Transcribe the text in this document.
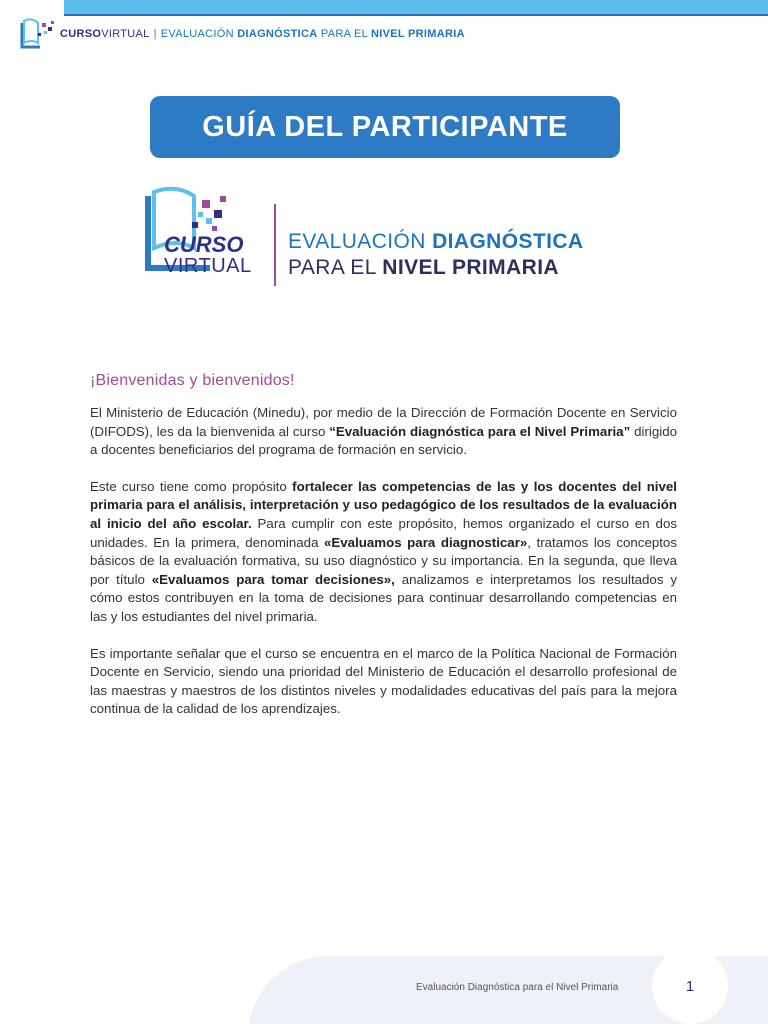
CURSOVIRTUAL | EVALUACIÓN DIAGNÓSTICA PARA EL NIVEL PRIMARIA
GUÍA DEL PARTICIPANTE
CURSO
VIRTUAL
EVALUACIÓN DIAGNÓSTICA
PARA EL NIVEL PRIMARIA
¡Bienvenidas y bienvenidos!

El Ministerio de Educación (Minedu), por medio de la Dirección de Formación Docente en Servicio (DIFODS), les da la bienvenida al curso “Evaluación diagnóstica para el Nivel Primaria” dirigido a docentes beneficiarios del programa de formación en servicio.

Este curso tiene como propósito fortalecer las competencias de las y los docentes del nivel primaria para el análisis, interpretación y uso pedagógico de los resultados de la evaluación al inicio del año escolar. Para cumplir con este propósito, hemos organizado el curso en dos unidades. En la primera, denominada «Evaluamos para diagnosticar», tratamos los conceptos básicos de la evaluación formativa, su uso diagnóstico y su importancia. En la segunda, que lleva por título «Evaluamos para tomar decisiones», analizamos e interpretamos los resultados y cómo estos contribuyen en la toma de decisiones para continuar desarrollando competencias en las y los estudiantes del nivel primaria.

Es importante señalar que el curso se encuentra en el marco de la Política Nacional de Formación Docente en Servicio, siendo una prioridad del Ministerio de Educación el desarrollo profesional de las maestras y maestros de los distintos niveles y modalidades educativas del país para la mejora continua de la calidad de los aprendizajes.

Evaluación Diagnóstica para el Nivel Primaria	1
